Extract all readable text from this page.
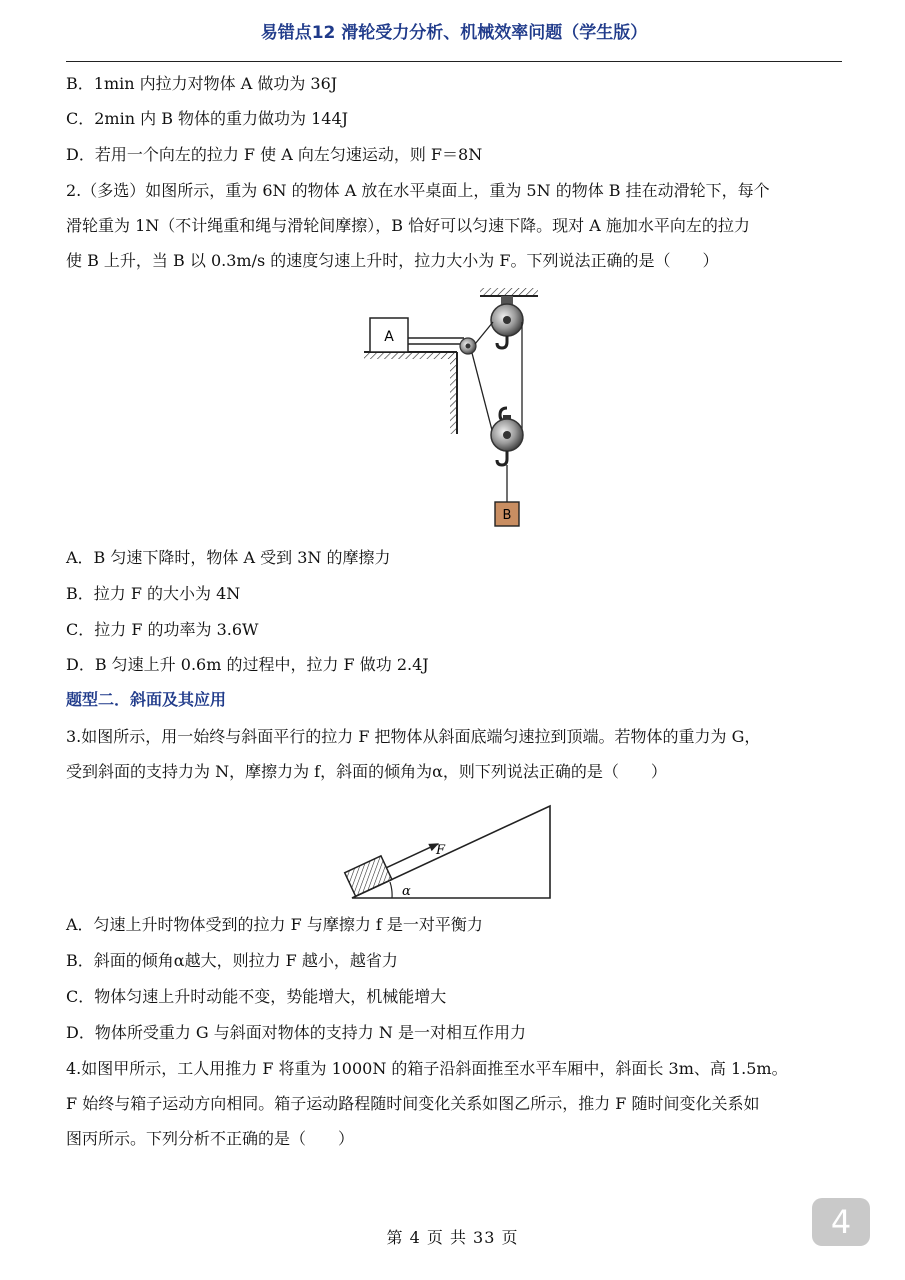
易错点12 滑轮受力分析、机械效率问题（学生版）
B．1min 内拉力对物体 A 做功为 36J
C．2min 内 B 物体的重力做功为 144J
D．若用一个向左的拉力 F 使 A 向左匀速运动，则 F＝8N
2.（多选）如图所示，重为 6N 的物体 A 放在水平桌面上，重为 5N 的物体 B 挂在动滑轮下，每个
滑轮重为 1N（不计绳重和绳与滑轮间摩擦），B 恰好可以匀速下降。现对 A 施加水平向左的拉力
使 B 上升，当 B 以 0.3m/s 的速度匀速上升时，拉力大小为 F。下列说法正确的是（　　）
A
B
A．B 匀速下降时，物体 A 受到 3N 的摩擦力
B．拉力 F 的大小为 4N
C．拉力 F 的功率为 3.6W
D．B 匀速上升 0.6m 的过程中，拉力 F 做功 2.4J
题型二．斜面及其应用
3.如图所示，用一始终与斜面平行的拉力 F 把物体从斜面底端匀速拉到顶端。若物体的重力为 G，
受到斜面的支持力为 N，摩擦力为 f，斜面的倾角为α，则下列说法正确的是（　　）
F
α
A．匀速上升时物体受到的拉力 F 与摩擦力 f 是一对平衡力
B．斜面的倾角α越大，则拉力 F 越小，越省力
C．物体匀速上升时动能不变，势能增大，机械能增大
D．物体所受重力 G 与斜面对物体的支持力 N 是一对相互作用力
4.如图甲所示，工人用推力 F 将重为 1000N 的箱子沿斜面推至水平车厢中，斜面长 3m、高 1.5m。
F 始终与箱子运动方向相同。箱子运动路程随时间变化关系如图乙所示，推力 F 随时间变化关系如
图丙所示。下列分析不正确的是（　　）
第 4 页 共 33 页	4
